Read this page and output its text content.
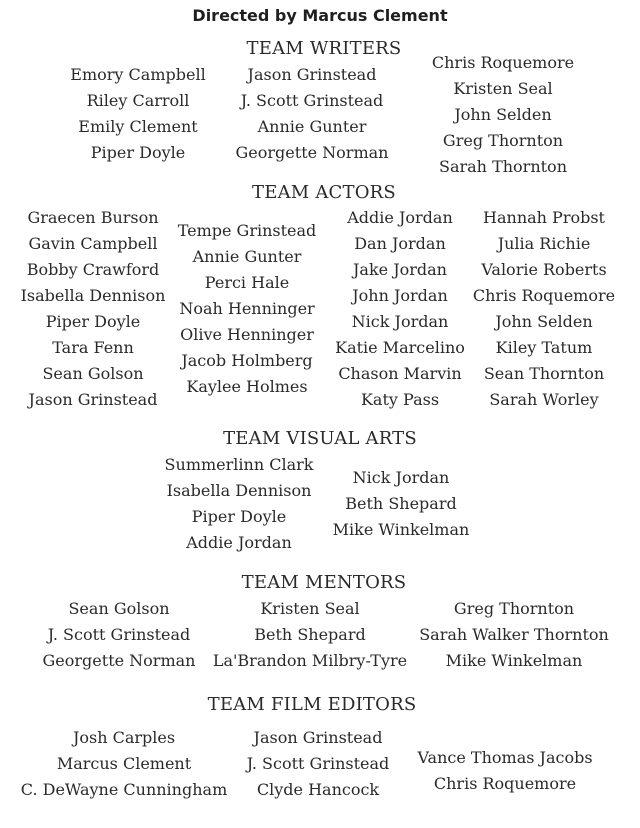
Directed by Marcus Clement
TEAM WRITERS
Emory Campbell
Riley Carroll
Emily Clement
Piper Doyle
Jason Grinstead
J. Scott Grinstead
Annie Gunter
Georgette Norman
Chris Roquemore
Kristen Seal
John Selden
Greg Thornton
Sarah Thornton
TEAM ACTORS
Graecen Burson
Gavin Campbell
Bobby Crawford
Isabella Dennison
Piper Doyle
Tara Fenn
Sean Golson
Jason Grinstead
Tempe Grinstead
Annie Gunter
Perci Hale
Noah Henninger
Olive Henninger
Jacob Holmberg
Kaylee Holmes
Addie Jordan
Dan Jordan
Jake Jordan
John Jordan
Nick Jordan
Katie Marcelino
Chason Marvin
Katy Pass
Hannah Probst
Julia Richie
Valorie Roberts
Chris Roquemore
John Selden
Kiley Tatum
Sean Thornton
Sarah Worley
TEAM VISUAL ARTS
Summerlinn Clark
Isabella Dennison
Piper Doyle
Addie Jordan
Nick Jordan
Beth Shepard
Mike Winkelman
TEAM MENTORS
Sean Golson
J. Scott Grinstead
Georgette Norman
Kristen Seal
Beth Shepard
La'Brandon Milbry-Tyre
Greg Thornton
Sarah Walker Thornton
Mike Winkelman
TEAM FILM EDITORS
Josh Carples
Marcus Clement
C. DeWayne Cunningham
Jason Grinstead
J. Scott Grinstead
Clyde Hancock
Vance Thomas Jacobs
Chris Roquemore
